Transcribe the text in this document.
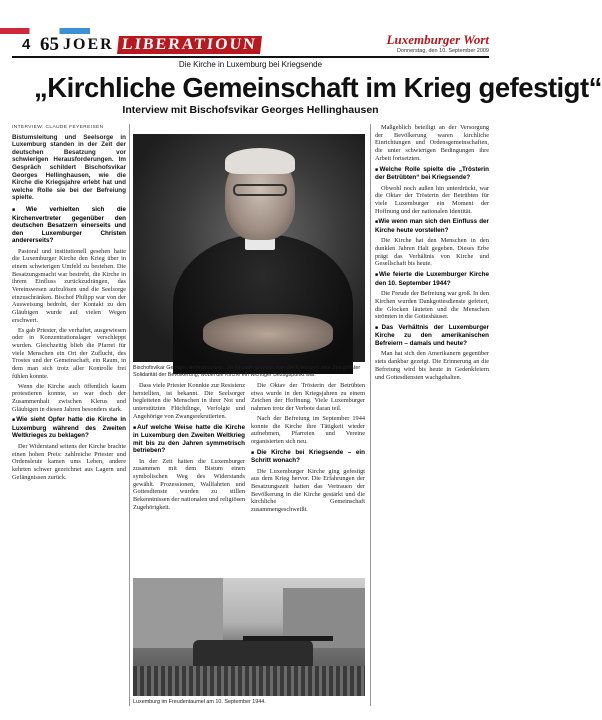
4 65 JOER LIBERATIOUN	Luxemburger Wort
Donnerstag, den 10. September 2009
Die Kirche in Luxemburg bei Kriegsende
„Kirchliche Gemeinschaft im Krieg gefestigt“
Interview mit Bischofsvikar Georges Hellinghausen
INTERVIEW: CLAUDE FEYEREISEN

Bistumsleitung und Seelsorge in Luxemburg standen in der Zeit der deutschen Besatzung vor schwierigen Herausforderungen. Im Gespräch schildert Bischofsvikar Georges Hellinghausen, wie die Kirche die Kriegsjahre erlebt hat und welche Rolle sie bei der Befreiung spielte.

■ Wie verhielten sich die Kirchenvertreter gegenüber den deutschen Besatzern einerseits und den Luxemburger Christen andererseits?

Pastoral und institutionell gesehen hatte die Luxemburger Kirche den Krieg über in einem schwierigen Umfeld zu bestehen. Die Besatzungsmacht war bestrebt, die Kirche in ihrem Einfluss zurückzudrängen, das Vereinswesen aufzulösen und die Seelsorge einzuschränken. Bischof Philipp war von der Ausweisung bedroht, der Kontakt zu den Gläubigen wurde auf vielen Wegen erschwert.

Es gab Priester, die verhaftet, ausgewiesen oder in Konzentrationslager verschleppt wurden. Gleichzeitig blieb die Pfarrei für viele Menschen ein Ort der Zuflucht, des Trostes und der Gemeinschaft, ein Raum, in dem man sich trotz aller Kontrolle frei fühlen konnte.

Wenn die Kirche auch öffentlich kaum protestieren konnte, so war doch der Zusammenhalt zwischen Klerus und Gläubigen in diesen Jahren besonders stark.

■ Wie sieht Opfer hatte die Kirche in Luxemburg während des Zweiten Weltkrieges zu beklagen?

Der Widerstand seitens der Kirche brachte einen hohen Preis: zahlreiche Priester und Ordensleute kamen ums Leben, andere kehrten schwer gezeichnet aus Lagern und Gefängnissen zurück.

Bischofsvikar Georges Hellinghausen: „Im Grunde gewann man die Kriegszeit eine Zeit größter Solidarität der Bevölkerung, wobei die Kirche ein wichtiger Bezugspunkt war.“

Dass viele Priester Konnkte zur Resistenz herstellten, ist bekannt. Die Seelsorger begleiteten die Menschen in ihrer Not und unterstützten Flüchtlinge, Verfolgte und Angehörige von Zwangsrekrutierten.

■ Auf welche Weise hatte die Kirche in Luxemburg den Zweiten Weltkrieg mit bis zu den Jahren symmetrisch betrieben?

In der Zeit hatten die Luxemburger zusammen mit dem Bistum einen symbolischen Weg des Widerstands gewählt. Prozessionen, Wallfahrten und Gottesdienste wurden zu stillen Bekenntnissen der nationalen und religiösen Zugehörigkeit.

Die Oktav der Trösterin der Betrübten etwa wurde in den Kriegsjahren zu einem Zeichen der Hoffnung. Viele Luxemburger nahmen trotz der Verbote daran teil.

Nach der Befreiung im September 1944 konnte die Kirche ihre Tätigkeit wieder aufnehmen, Pfarreien und Vereine organisierten sich neu.

■ Die Kirche bei Kriegsende – ein Schritt wonach?

Die Luxemburger Kirche ging gefestigt aus dem Krieg hervor. Die Erfahrungen der Besatzungszeit hatten das Vertrauen der Bevölkerung in die Kirche gestärkt und die kirchliche Gemeinschaft zusammengeschweißt.

Luxemburg im Freudentaumel am 10. September 1944.

Maßgeblich beteiligt an der Versorgung der Bevölkerung waren kirchliche Einrichtungen und Ordensgemeinschaften, die unter schwierigen Bedingungen ihre Arbeit fortsetzten.

■ Welche Rolle spielte die „Trösterin der Betrübten“ bei Kriegsende?

Obwohl noch außen hin unterdrückt, war die Oktav der Trösterin der Betrübten für viele Luxemburger ein Moment der Hoffnung und der nationalen Identität.

■ Wie wenn man sich den Einfluss der Kirche heute vorstellen?

Die Kirche hat den Menschen in den dunklen Jahren Halt gegeben. Dieses Erbe prägt das Verhältnis von Kirche und Gesellschaft bis heute.

■ Wie feierte die Luxemburger Kirche den 10. September 1944?

Die Freude der Befreiung war groß. In den Kirchen wurden Dankgottesdienste gefeiert, die Glocken läuteten und die Menschen strömten in die Gotteshäuser.

■ Das Verhältnis der Luxemburger Kirche zu den amerikanischen Befreiern – damals und heute?

Man hat sich den Amerikanern gegenüber stets dankbar gezeigt. Die Erinnerung an die Befreiung wird bis heute in Gedenkfeiern und Gottesdiensten wachgehalten.
